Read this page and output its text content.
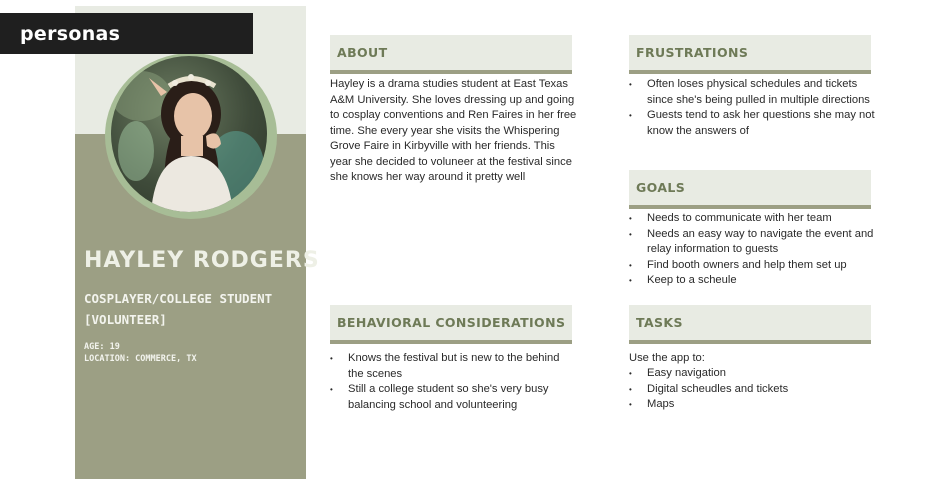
personas
HAYLEY RODGERS
COSPLAYER/COLLEGE STUDENT
[VOLUNTEER]
AGE: 19
LOCATION: COMMERCE, TX
ABOUT
Hayley is a drama studies student at East Texas A&M University. She loves dressing up and going to cosplay conventions and Ren Faires in her free time. She every year she visits the Whispering Grove Faire in Kirbyville with her friends. This year she decided to voluneer at the festival since she knows her way around it pretty well
BEHAVIORAL CONSIDERATIONS
• Knows the festival but is new to the behind the scenes
• Still a college student so she's very busy balancing school and volunteering
FRUSTRATIONS
• Often loses physical schedules and tickets since she's being pulled in multiple directions
• Guests tend to ask her questions she may not know the answers of
GOALS
• Needs to communicate with her team
• Needs an easy way to navigate the event and relay information to guests
• Find booth owners and help them set up
• Keep to a scheule
TASKS
Use the app to:
• Easy navigation
• Digital scheudles and tickets
• Maps
